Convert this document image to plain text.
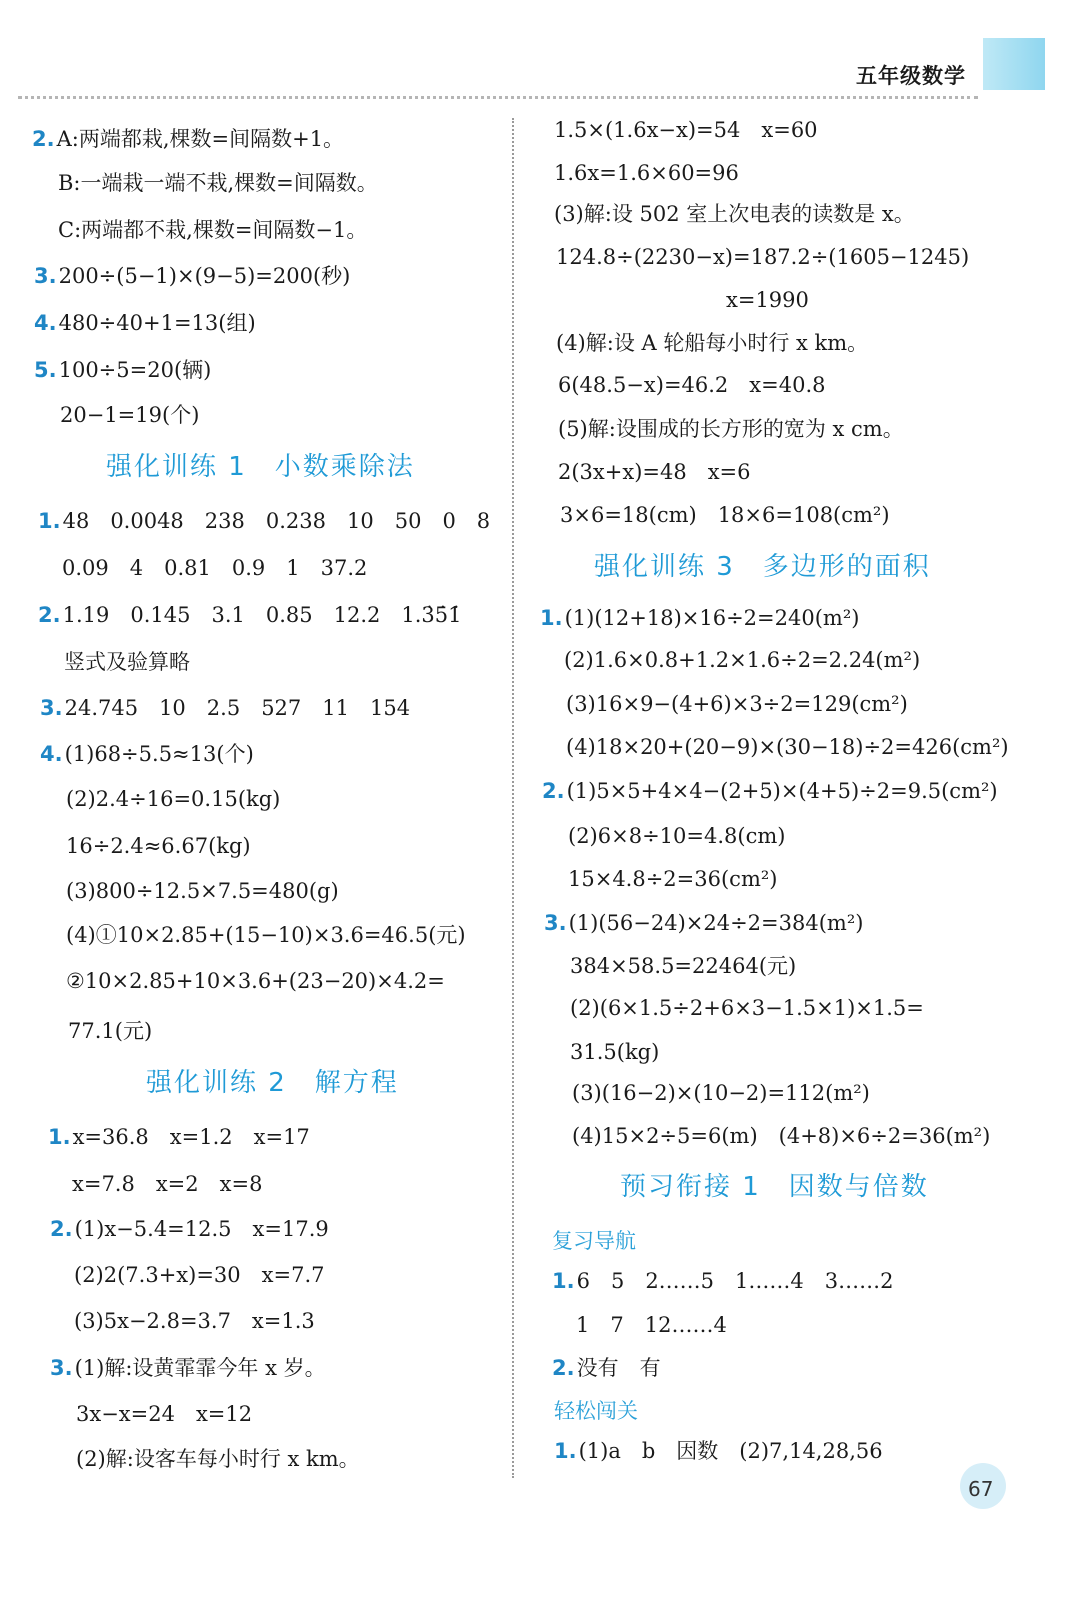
五年级数学
2.A:两端都栽,棵数=间隔数+1。
B:一端栽一端不栽,棵数=间隔数。
C:两端都不栽,棵数=间隔数−1。
3.200÷(5−1)×(9−5)=200(秒)
4.480÷40+1=13(组)
5.100÷5=20(辆)
20−1=19(个)
强化训练 1　小数乘除法
1.48　0.0048　238　0.238　10　50　0　8
0.09　4　0.81　0.9　1　37.2
2.1.19　0.145　3.1　0.85　12.2　1.3̇5̇1̇
竖式及验算略
3.24.745　10　2.5　527　11　154
4.(1)68÷5.5≈13(个)
(2)2.4÷16=0.15(kg)
16÷2.4≈6.67(kg)
(3)800÷12.5×7.5=480(g)
(4)①10×2.85+(15−10)×3.6=46.5(元)
②10×2.85+10×3.6+(23−20)×4.2=
77.1(元)
强化训练 2　解方程
1.x=36.8　x=1.2　x=17
x=7.8　x=2　x=8
2.(1)x−5.4=12.5　x=17.9
(2)2(7.3+x)=30　x=7.7
(3)5x−2.8=3.7　x=1.3
3.(1)解:设黄霏霏今年 x 岁。
3x−x=24　x=12
(2)解:设客车每小时行 x km。
1.5×(1.6x−x)=54　x=60
1.6x=1.6×60=96
(3)解:设 502 室上次电表的读数是 x。
124.8÷(2230−x)=187.2÷(1605−1245)
x=1990
(4)解:设 A 轮船每小时行 x km。
6(48.5−x)=46.2　x=40.8
(5)解:设围成的长方形的宽为 x cm。
2(3x+x)=48　x=6
3×6=18(cm)　18×6=108(cm²)
强化训练 3　多边形的面积
1.(1)(12+18)×16÷2=240(m²)
(2)1.6×0.8+1.2×1.6÷2=2.24(m²)
(3)16×9−(4+6)×3÷2=129(cm²)
(4)18×20+(20−9)×(30−18)÷2=426(cm²)
2.(1)5×5+4×4−(2+5)×(4+5)÷2=9.5(cm²)
(2)6×8÷10=4.8(cm)
15×4.8÷2=36(cm²)
3.(1)(56−24)×24÷2=384(m²)
384×58.5=22464(元)
(2)(6×1.5÷2+6×3−1.5×1)×1.5=
31.5(kg)
(3)(16−2)×(10−2)=112(m²)
(4)15×2÷5=6(m)　(4+8)×6÷2=36(m²)
预习衔接 1　因数与倍数
复习导航
1.6　5　2……5　1……4　3……2
1　7　12……4
2.没有　有
轻松闯关
1.(1)a　b　因数　(2)7,14,28,56
67
